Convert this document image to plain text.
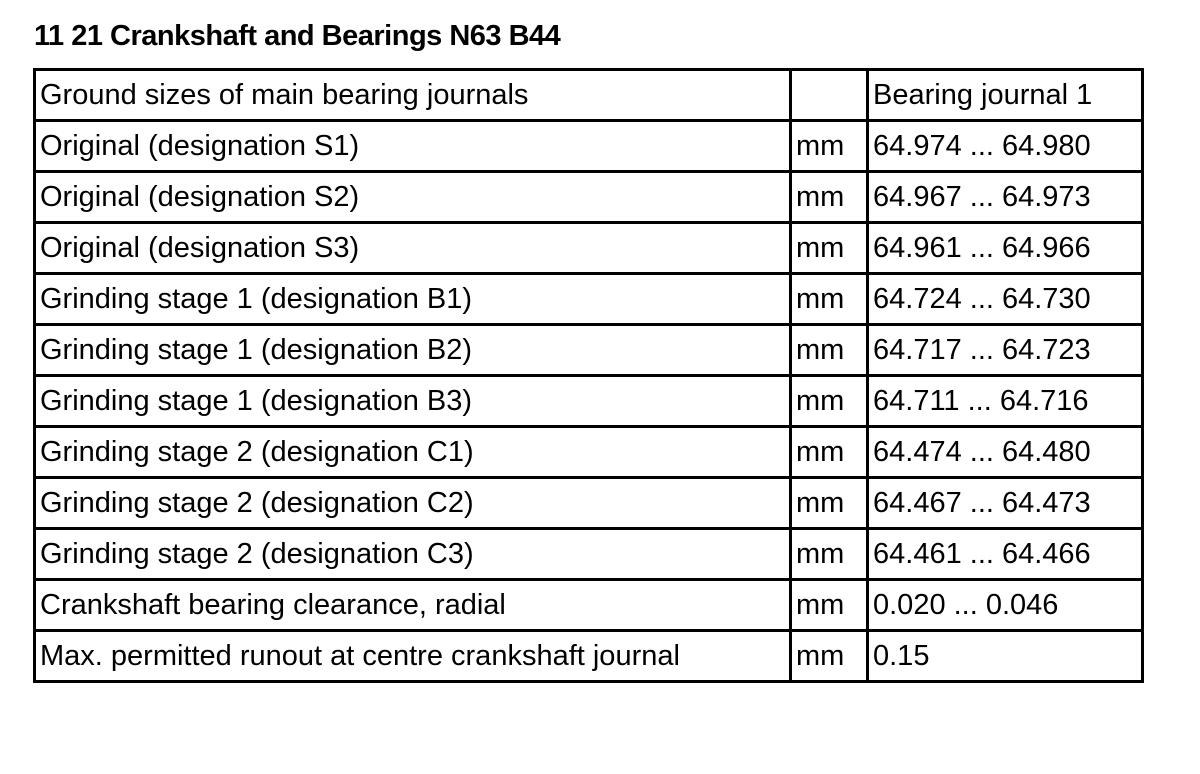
11 21 Crankshaft and Bearings N63 B44
Ground sizes of main bearing journals		Bearing journal 1
Original (designation S1)	mm	64.974 ... 64.980
Original (designation S2)	mm	64.967 ... 64.973
Original (designation S3)	mm	64.961 ... 64.966
Grinding stage 1 (designation B1)	mm	64.724 ... 64.730
Grinding stage 1 (designation B2)	mm	64.717 ... 64.723
Grinding stage 1 (designation B3)	mm	64.711 ... 64.716
Grinding stage 2 (designation C1)	mm	64.474 ... 64.480
Grinding stage 2 (designation C2)	mm	64.467 ... 64.473
Grinding stage 2 (designation C3)	mm	64.461 ... 64.466
Crankshaft bearing clearance, radial	mm	0.020 ... 0.046
Max. permitted runout at centre crankshaft journal	mm	0.15
